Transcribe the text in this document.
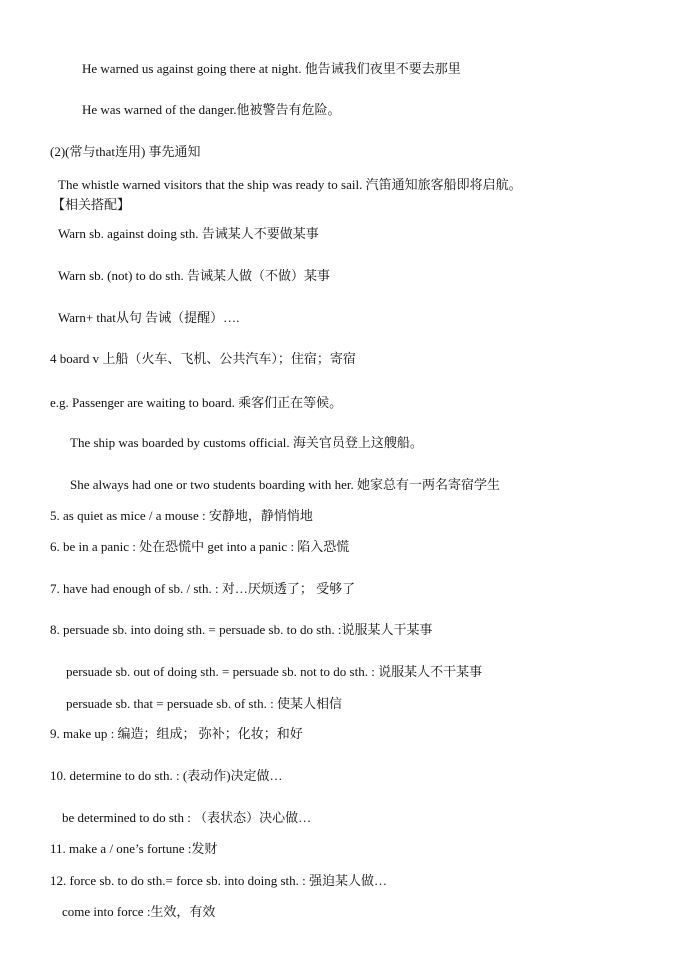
He warned us against going there at night. 他告诫我们夜里不要去那里
He was warned of the danger.他被警告有危险。
(2)(常与that连用) 事先通知
The whistle warned visitors that the ship was ready to sail. 汽笛通知旅客船即将启航。
【相关搭配】
Warn sb. against doing sth. 告诫某人不要做某事
Warn sb. (not) to do sth. 告诫某人做（不做）某事
Warn+ that从句 告诫（提醒）….
4 board v 上船（火车、飞机、公共汽车）；住宿；寄宿
e.g. Passenger are waiting to board. 乘客们正在等候。
The ship was boarded by customs official. 海关官员登上这艘船。
She always had one or two students boarding with her. 她家总有一两名寄宿学生
5. as quiet as mice / a mouse : 安静地，静悄悄地
6. be in a panic : 处在恐慌中 get into a panic : 陷入恐慌
7. have had enough of sb. / sth. : 对…厌烦透了； 受够了
8. persuade sb. into doing sth. = persuade sb. to do sth. :说服某人干某事
persuade sb. out of doing sth. = persuade sb. not to do sth. : 说服某人不干某事
persuade sb. that = persuade sb. of sth. : 使某人相信
9. make up : 编造；组成； 弥补；化妆；和好
10. determine to do sth. : (表动作)决定做…
be determined to do sth : （表状态）决心做…
11. make a / one’s fortune :发财
12. force sb. to do sth.= force sb. into doing sth. : 强迫某人做…
come into force :生效，有效
